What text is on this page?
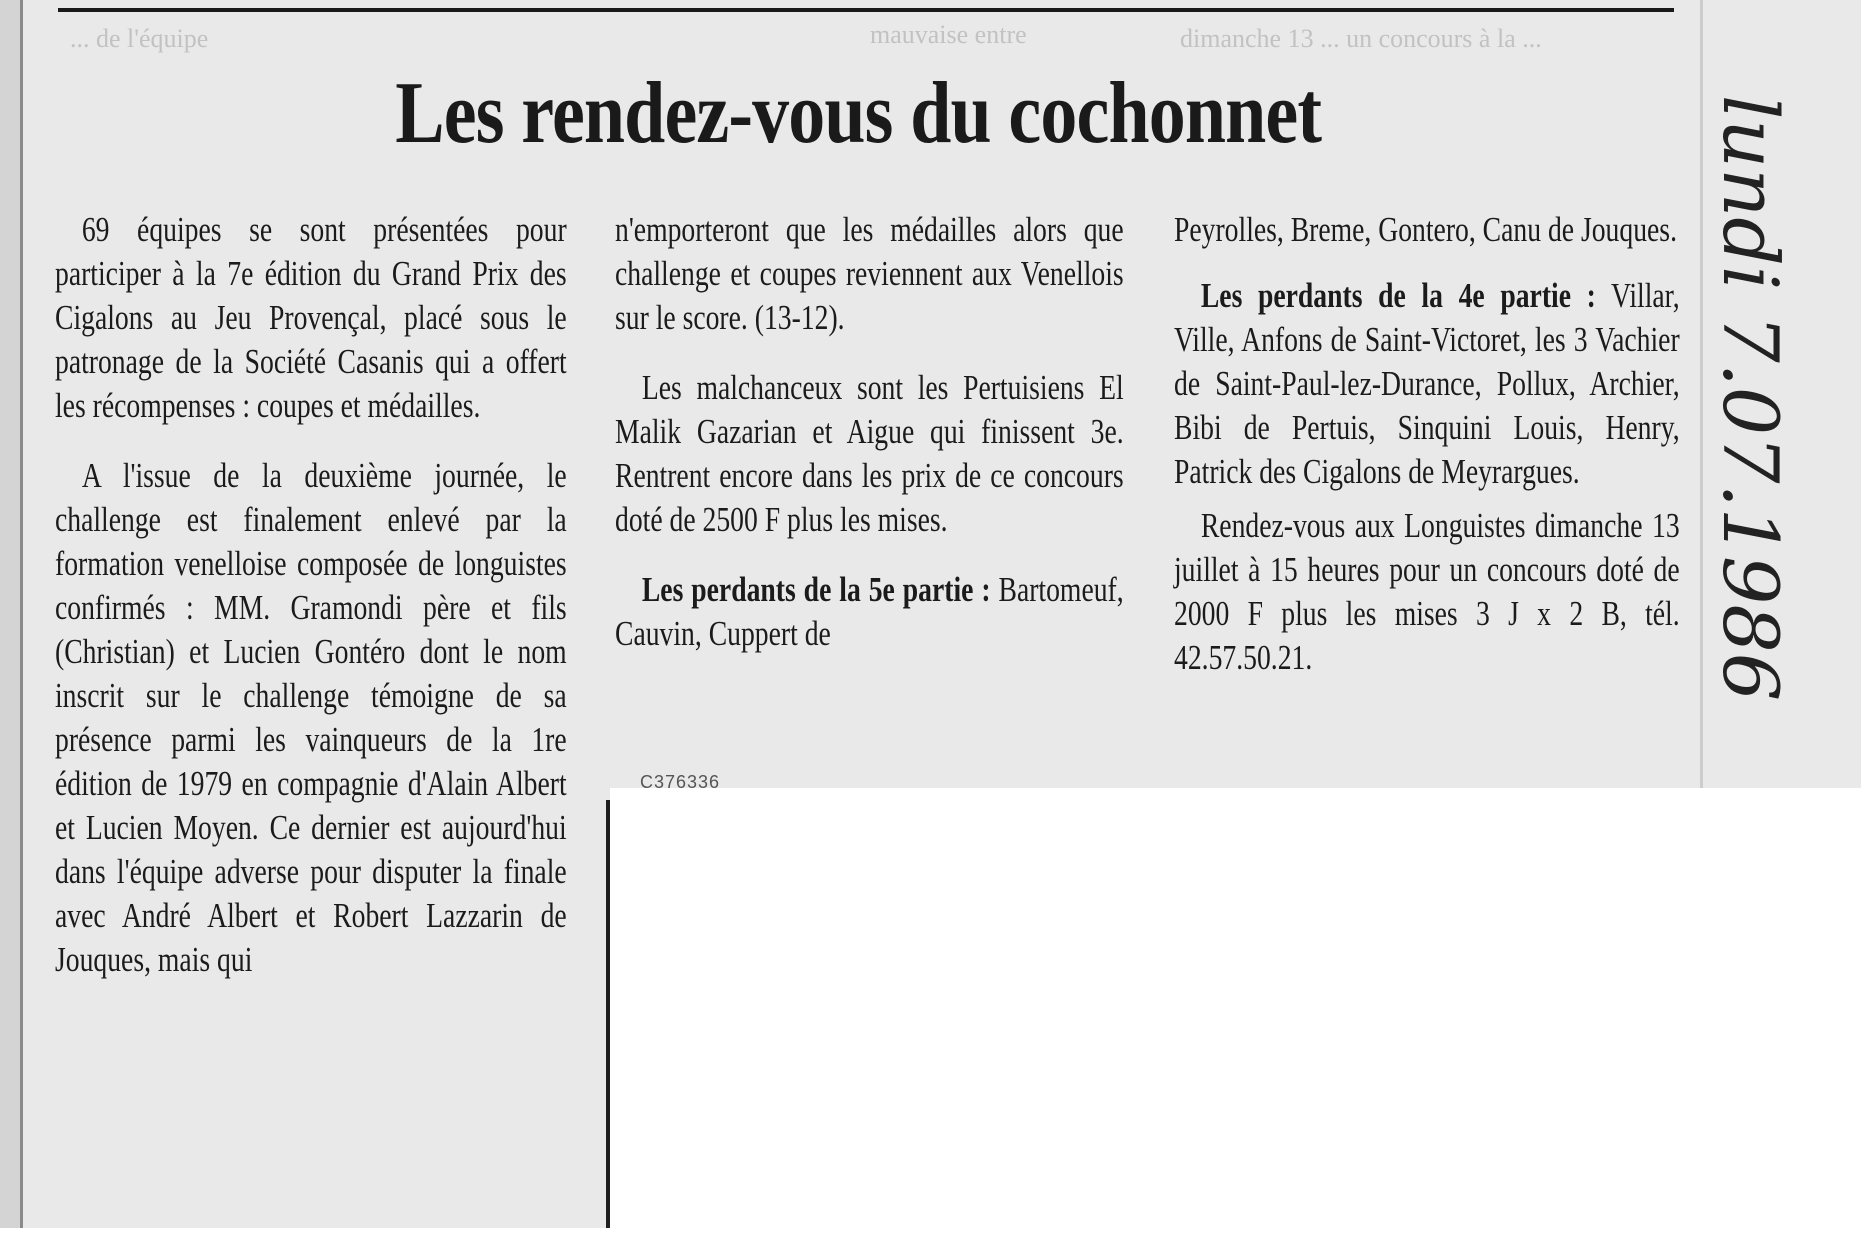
dimanche 13 ... un concours à la ...
... de l'équipe	mauvaise entre
Les rendez-vous du cochonnet

69 équipes se sont présentées pour participer à la 7e édition du Grand Prix des Cigalons au Jeu Provençal, placé sous le patronage de la Société Casanis qui a offert les récompenses : coupes et médailles.

A l'issue de la deuxième journée, le challenge est finalement enlevé par la formation venelloise composée de longuistes confirmés : MM. Gramondi père et fils (Christian) et Lucien Gontéro dont le nom inscrit sur le challenge témoigne de sa présence parmi les vainqueurs de la 1re édition de 1979 en compagnie d'Alain Albert et Lucien Moyen. Ce dernier est aujourd'hui dans l'équipe adverse pour disputer la finale avec André Albert et Robert Lazzarin de Jouques, mais qui

n'emporteront que les médailles alors que challenge et coupes reviennent aux Venellois sur le score. (13-12).

Les malchanceux sont les Pertuisiens El Malik Gazarian et Aigue qui finissent 3e. Rentrent encore dans les prix de ce concours doté de 2500 F plus les mises.

Les perdants de la 5e partie : Bartomeuf, Cauvin, Cuppert de

C376336

Peyrolles, Breme, Gontero, Canu de Jouques.

Les perdants de la 4e partie : Villar, Ville, Anfons de Saint-Victoret, les 3 Vachier de Saint-Paul-lez-Durance, Pollux, Archier, Bibi de Pertuis, Sinquini Louis, Henry, Patrick des Cigalons de Meyrargues.

Rendez-vous aux Longuistes dimanche 13 juillet à 15 heures pour un concours doté de 2000 F plus les mises 3 J x 2 B, tél. 42.57.50.21.	lundi 7.07.1986
